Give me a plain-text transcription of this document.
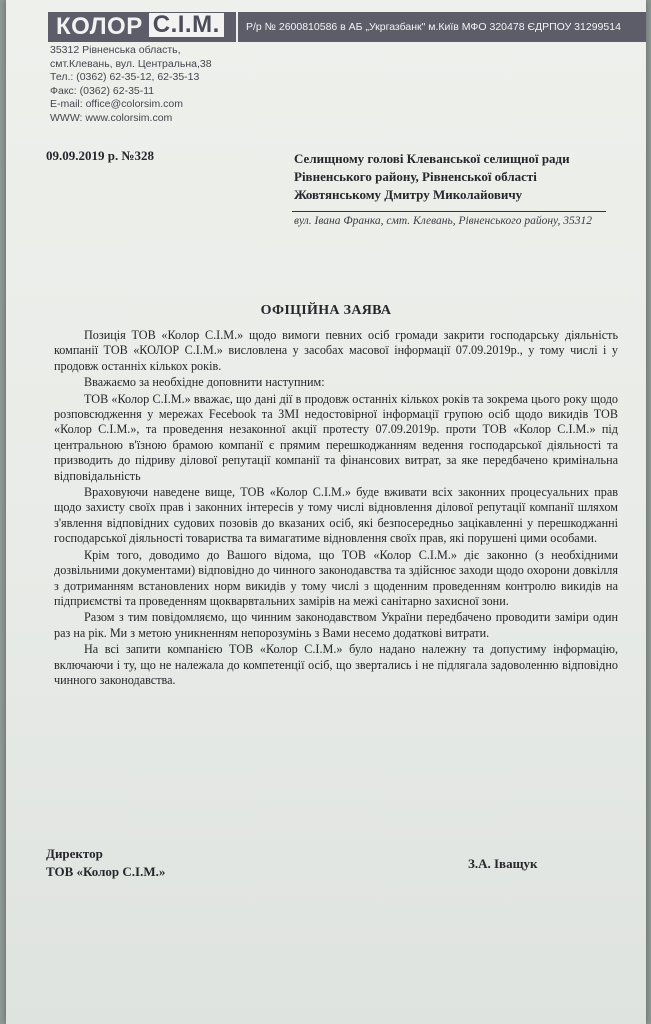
КОЛОР С.І.М.	Р/р № 2600810586 в АБ „Укргазбанк" м.Київ МФО 320478 ЄДРПОУ 31299514
35312 Рівненська область,
смт.Клевань, вул. Центральна,38
Тел.: (0362) 62-35-12, 62-35-13
Факс: (0362) 62-35-11
E-mail: office@colorsim.com
WWW: www.colorsim.com
09.09.2019 р. №328	Селищному голові Клеванської селищної ради
Рівненського району, Рівненської області
Жовтянському Дмитру Миколайовичу
вул. Івана Франка, смт. Клевань, Рівненського району, 35312
ОФІЦІЙНА ЗАЯВА

Позиція ТОВ «Колор С.І.М.» щодо вимоги певних осіб громади закрити господарську діяльність компанії ТОВ «КОЛОР С.І.М.» висловлена у засобах масової інформації 07.09.2019р., у тому числі і у продовж останніх кількох років.

Вважаємо за необхідне доповнити наступним:

ТОВ «Колор С.І.М.» вважає, що дані дії в продовж останніх кількох років та зокрема цього року щодо розповсюдження у мережах Fecebook та ЗМІ недостовірної інформації групою осіб щодо викидів ТОВ «Колор С.І.М.», та проведення незаконної акції протесту 07.09.2019р. проти ТОВ «Колор С.І.М.» під центральною в'їзною брамою компанії є прямим перешкоджанням ведення господарської діяльності та призводить до підриву ділової репутації компанії та фінансових витрат, за яке передбачено кримінальна відповідальність

Враховуючи наведене вище, ТОВ «Колор С.І.М.» буде вживати всіх законних процесуальних прав щодо захисту своїх прав і законних інтересів у тому числі відновлення ділової репутації компанії шляхом з'явлення відповідних судових позовів до вказаних осіб, які безпосередньо зацікавленні у перешкоджанні господарської діяльності товариства та вимагатиме відновлення своїх прав, які порушені цими особами.

Крім того, доводимо до Вашого відома, що ТОВ «Колор С.І.М.» діє законно (з необхідними дозвільними документами) відповідно до чинного законодавства та здійснює заходи щодо охорони довкілля з дотриманням встановлених норм викидів у тому числі з щоденним проведенням контролю викидів на підприємстві та проведенням щокварвтальних замірів на межі санітарно захисної зони.

Разом з тим повідомляємо, що чинним законодавством України передбачено проводити заміри один раз на рік. Ми з метою уникненням непорозумінь з Вами несемо додаткові витрати.

На всі запити компанією ТОВ «Колор С.І.М.» було надано належну та допустиму інформацію, включаючи і ту, що не належала до компетенції осіб, що звертались і не підлягала задоволенню відповідно чинного законодавства.

Директор
ТОВ «Колор С.І.М.»
З.А. Іващук
